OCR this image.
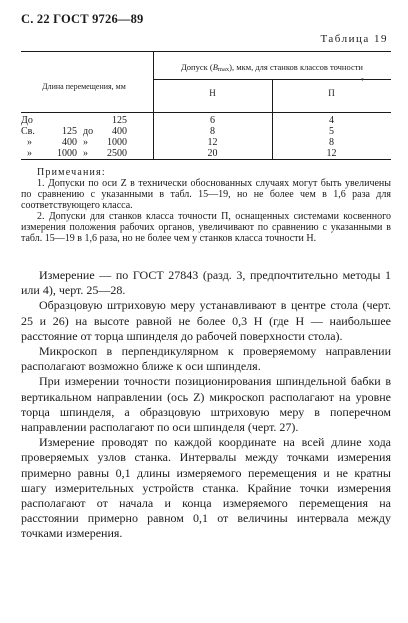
С. 22 ГОСТ 9726—89
Таблица 19
Допуск (Bmax), мкм, для станков классов точности
Длина перемещения, мм
Н	П
т
До	125	6	4
Св.	125 до	400	8	5
»	400 »	1000	12	8
»	1000 »	2500	20	12
Примечания:

1. Допуски по оси Z в технически обоснованных случаях могут быть увеличены по сравнению с указанными в табл. 15—19, но не более чем в 1,6 раза для соответствующего класса.

2. Допуски для станков класса точности П, оснащенных системами косвенного измерения положения рабочих органов, увеличивают по сравнению с указанными в табл. 15—19 в 1,6 раза, но не более чем у станков класса точности Н.

Измерение — по ГОСТ 27843 (разд. 3, предпочтительно методы 1 или 4), черт. 25—28.

Образцовую штриховую меру устанавливают в центре стола (черт. 25 и 26) на высоте равной не более 0,3 H (где H — наибольшее расстояние от торца шпинделя до рабочей поверхности стола).

Микроскоп в перпендикулярном к проверяемому направлении располагают возможно ближе к оси шпинделя.

При измерении точности позиционирования шпиндельной бабки в вертикальном направлении (ось Z) микроскоп располагают на уровне торца шпинделя, а образцовую штриховую меру в поперечном направлении располагают по оси шпинделя (черт. 27).

Измерение проводят по каждой координате на всей длине хода проверяемых узлов станка. Интервалы между точками измерения примерно равны 0,1 длины измеряемого перемещения и не кратны шагу измерительных устройств станка. Крайние точки измерения располагают от начала и конца измеряемого перемещения на расстоянии примерно равном 0,1 от величины интервала между точками измерения.
